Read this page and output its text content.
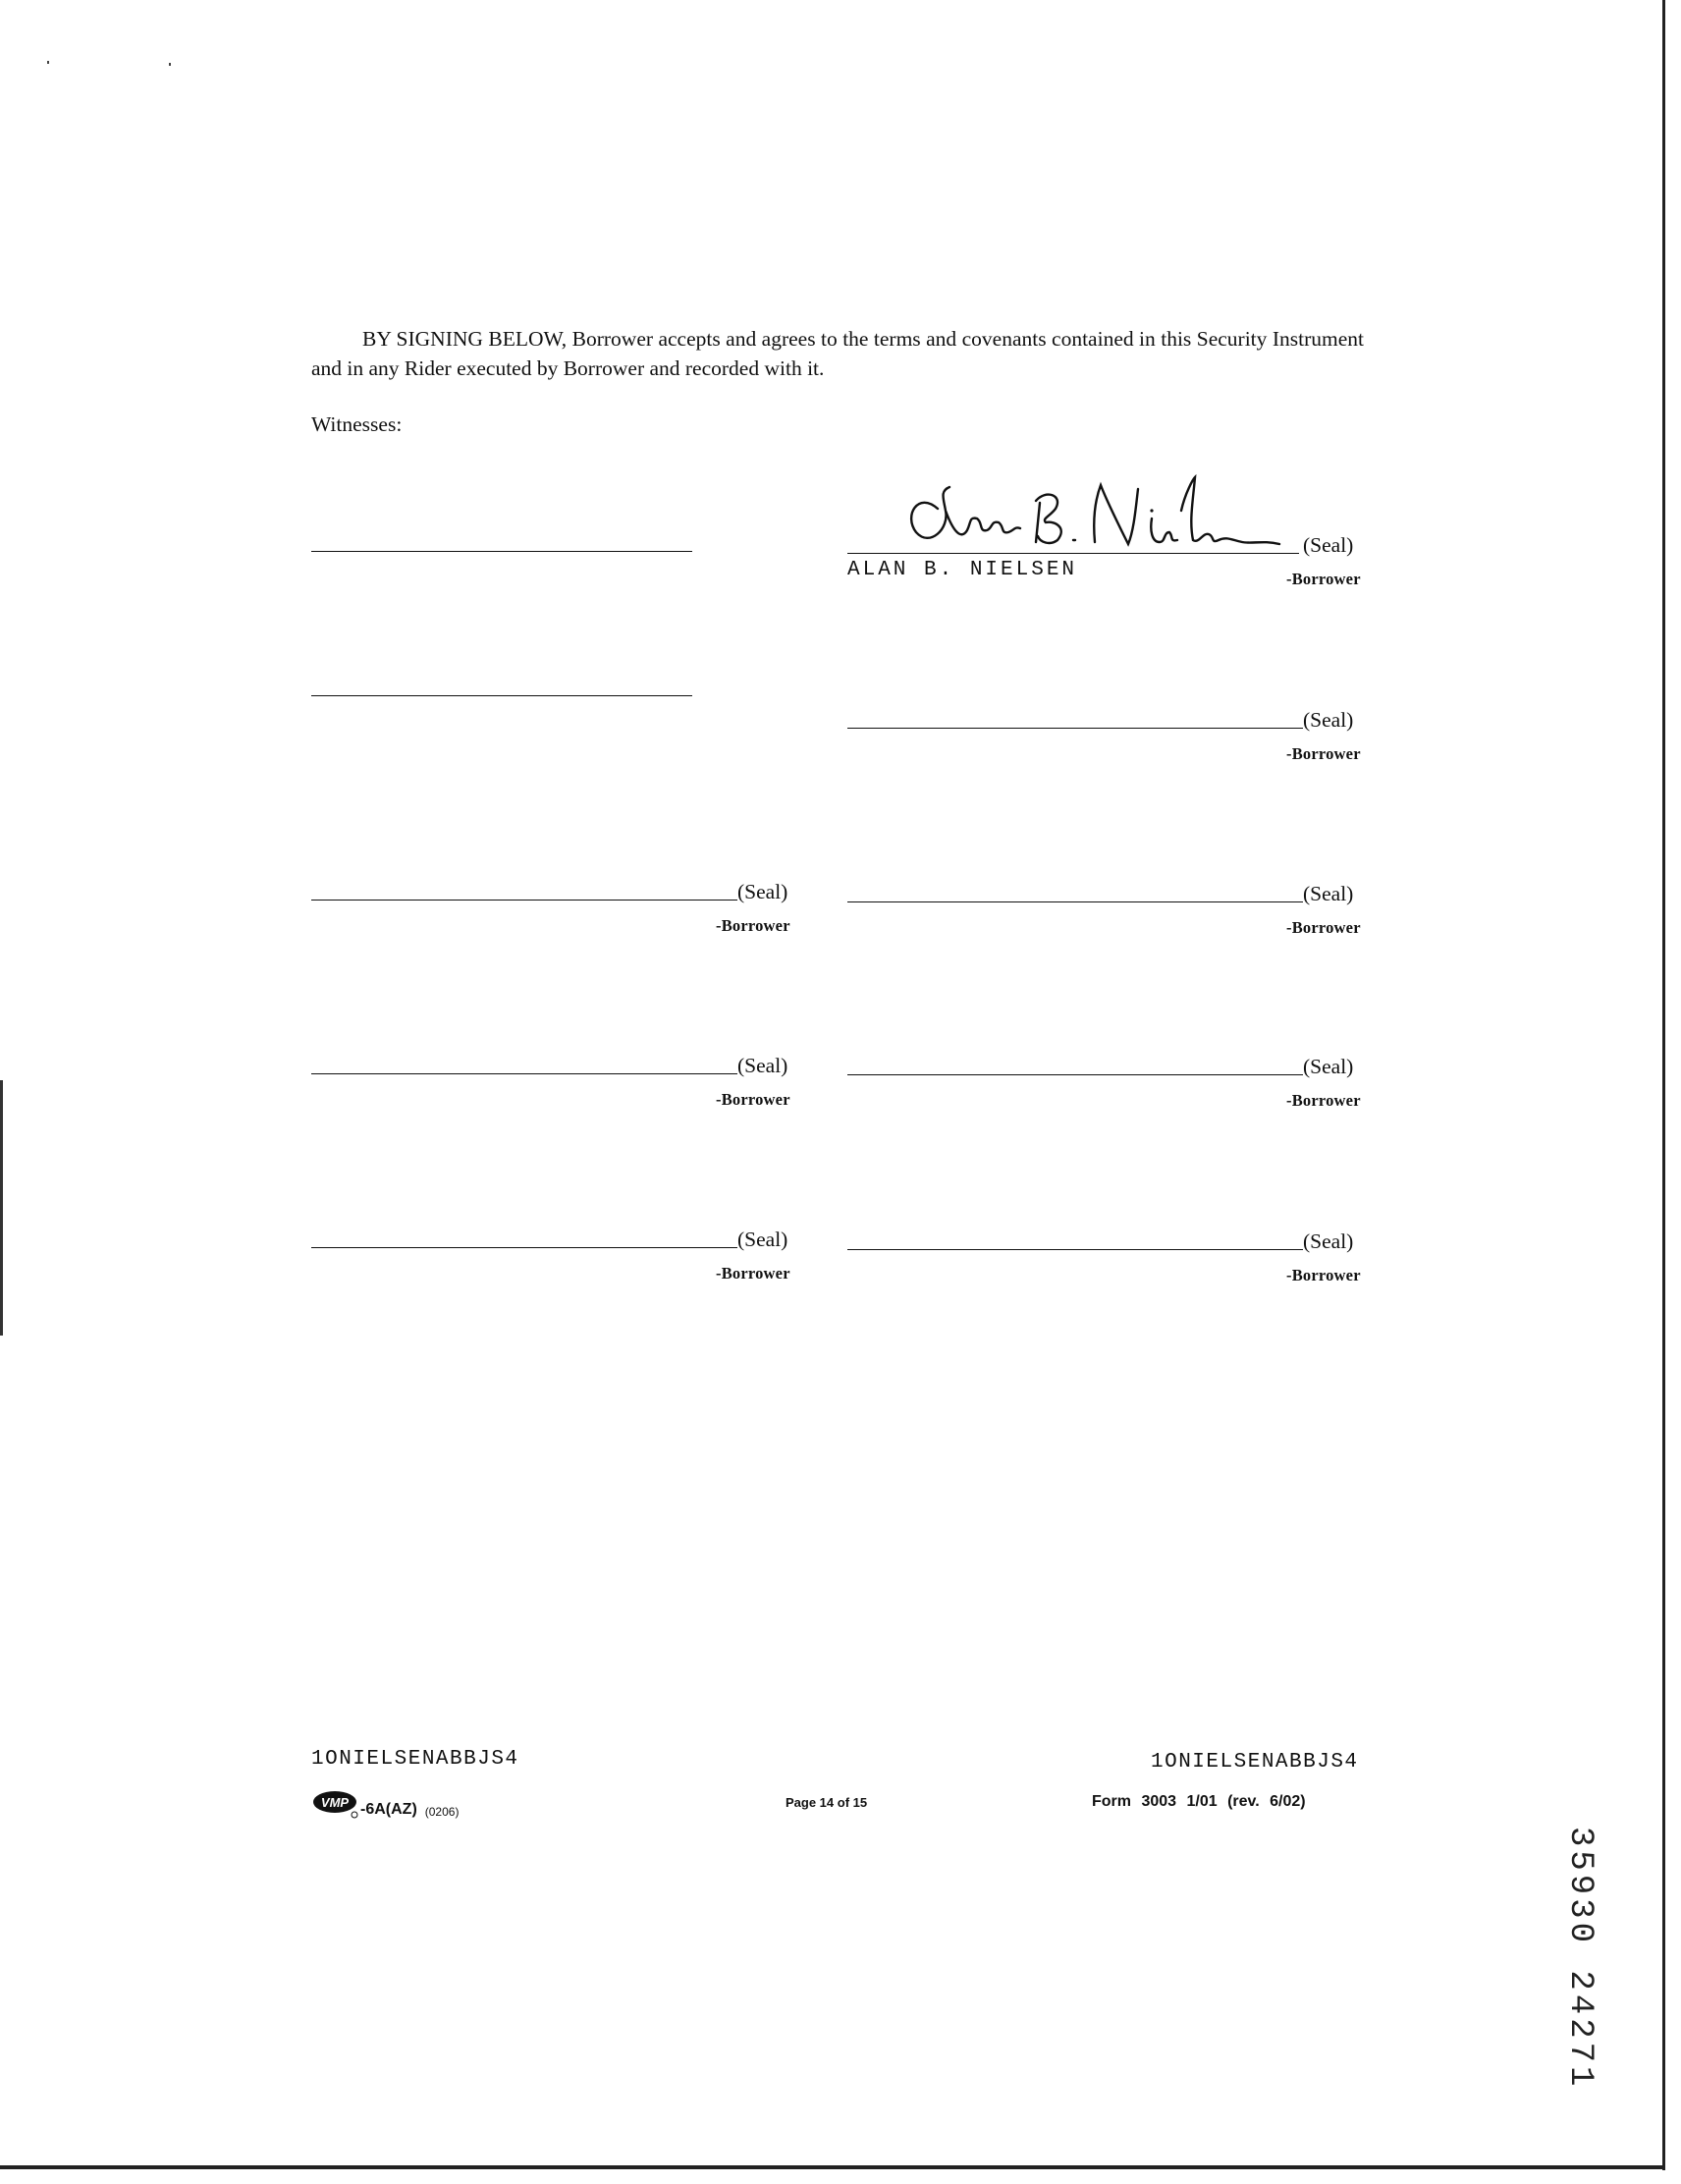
BY SIGNING BELOW, Borrower accepts and agrees to the terms and covenants contained in this Security Instrument and in any Rider executed by Borrower and recorded with it.
Witnesses:
(Seal)
ALAN B. NIELSEN	-Borrower
(Seal)
-Borrower
(Seal)
-Borrower
(Seal)
-Borrower
(Seal)
-Borrower
(Seal)
-Borrower
(Seal)
-Borrower
(Seal)
-Borrower
1ONIELSENABBJS4	1ONIELSENABBJS4
VMP -6A(AZ) (0206)
Page 14 of 15	Form 3003 1/01 (rev. 6/02)
35930 24271
